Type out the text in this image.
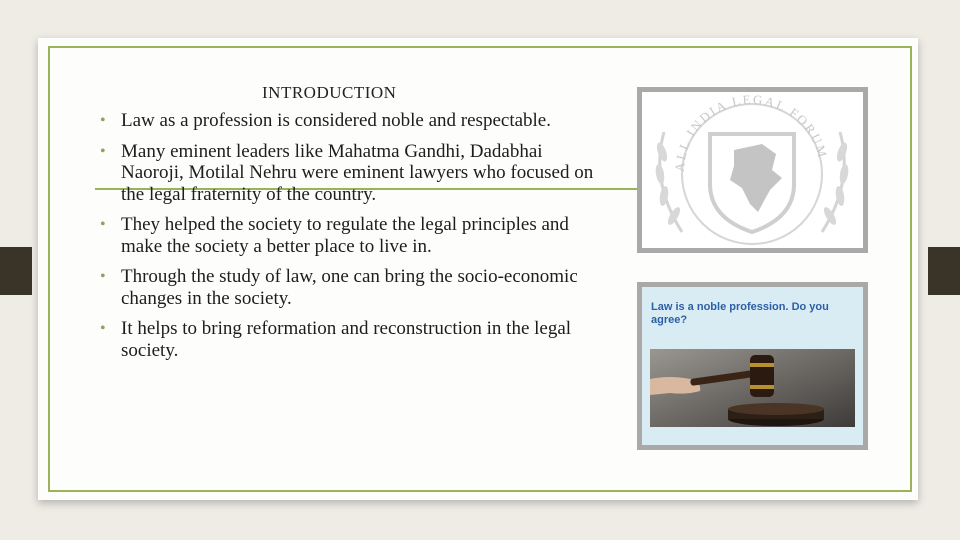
INTRODUCTION
• Law as a profession is considered noble and respectable.
• Many eminent leaders like Mahatma Gandhi, Dadabhai Naoroji, Motilal Nehru were eminent lawyers who focused on the legal fraternity of the country.
• They helped the society to regulate the legal principles and make the society a better place to live in.
• Through the study of law, one can bring the socio-economic changes in the society.
• It helps to bring reformation and reconstruction in the legal society.
ALL INDIA LEGAL FORUM
Law is a noble profession. Do you agree?
